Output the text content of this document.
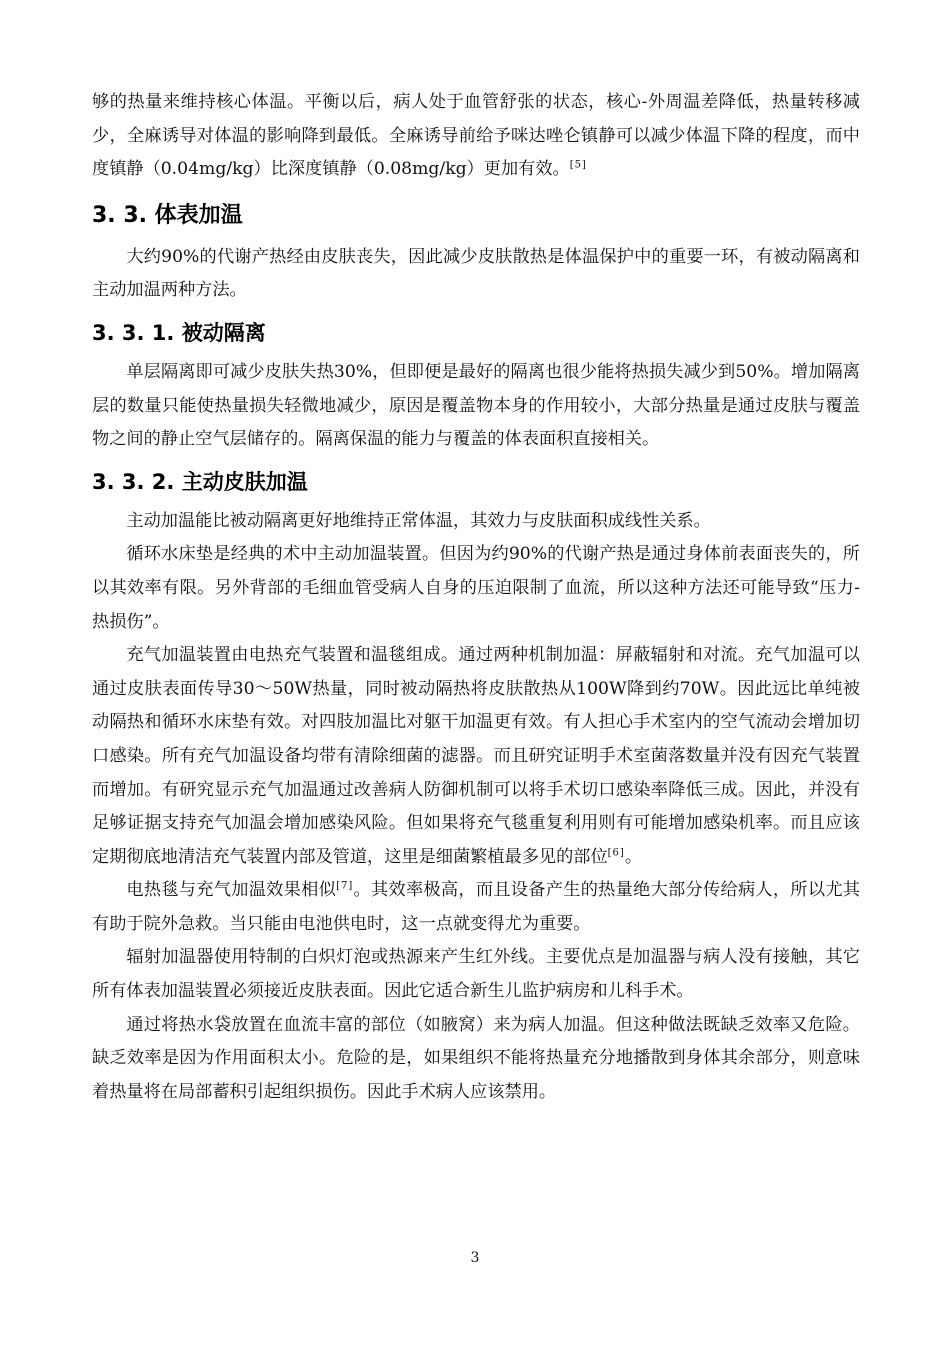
够的热量来维持核心体温。平衡以后，病人处于血管舒张的状态，核心-外周温差降低，热量转移减少，全麻诱导对体温的影响降到最低。全麻诱导前给予咪达唑仑镇静可以减少体温下降的程度，而中度镇静（0.04mg/kg）比深度镇静（0.08mg/kg）更加有效。[5]

3. 3. 体表加温

大约90%的代谢产热经由皮肤丧失，因此减少皮肤散热是体温保护中的重要一环，有被动隔离和主动加温两种方法。

3. 3. 1. 被动隔离

单层隔离即可减少皮肤失热30%，但即便是最好的隔离也很少能将热损失减少到50%。增加隔离层的数量只能使热量损失轻微地减少，原因是覆盖物本身的作用较小，大部分热量是通过皮肤与覆盖物之间的静止空气层储存的。隔离保温的能力与覆盖的体表面积直接相关。

3. 3. 2. 主动皮肤加温

主动加温能比被动隔离更好地维持正常体温，其效力与皮肤面积成线性关系。

循环水床垫是经典的术中主动加温装置。但因为约90%的代谢产热是通过身体前表面丧失的，所以其效率有限。另外背部的毛细血管受病人自身的压迫限制了血流，所以这种方法还可能导致“压力-热损伤”。

充气加温装置由电热充气装置和温毯组成。通过两种机制加温：屏蔽辐射和对流。充气加温可以通过皮肤表面传导30～50W热量，同时被动隔热将皮肤散热从100W降到约70W。因此远比单纯被动隔热和循环水床垫有效。对四肢加温比对躯干加温更有效。有人担心手术室内的空气流动会增加切口感染。所有充气加温设备均带有清除细菌的滤器。而且研究证明手术室菌落数量并没有因充气装置而增加。有研究显示充气加温通过改善病人防御机制可以将手术切口感染率降低三成。因此，并没有足够证据支持充气加温会增加感染风险。但如果将充气毯重复利用则有可能增加感染机率。而且应该定期彻底地清洁充气装置内部及管道，这里是细菌繁植最多见的部位[6]。

电热毯与充气加温效果相似[7]。其效率极高，而且设备产生的热量绝大部分传给病人，所以尤其有助于院外急救。当只能由电池供电时，这一点就变得尤为重要。

辐射加温器使用特制的白炽灯泡或热源来产生红外线。主要优点是加温器与病人没有接触，其它所有体表加温装置必须接近皮肤表面。因此它适合新生儿监护病房和儿科手术。

通过将热水袋放置在血流丰富的部位（如腋窝）来为病人加温。但这种做法既缺乏效率又危险。缺乏效率是因为作用面积太小。危险的是，如果组织不能将热量充分地播散到身体其余部分，则意味着热量将在局部蓄积引起组织损伤。因此手术病人应该禁用。

3
